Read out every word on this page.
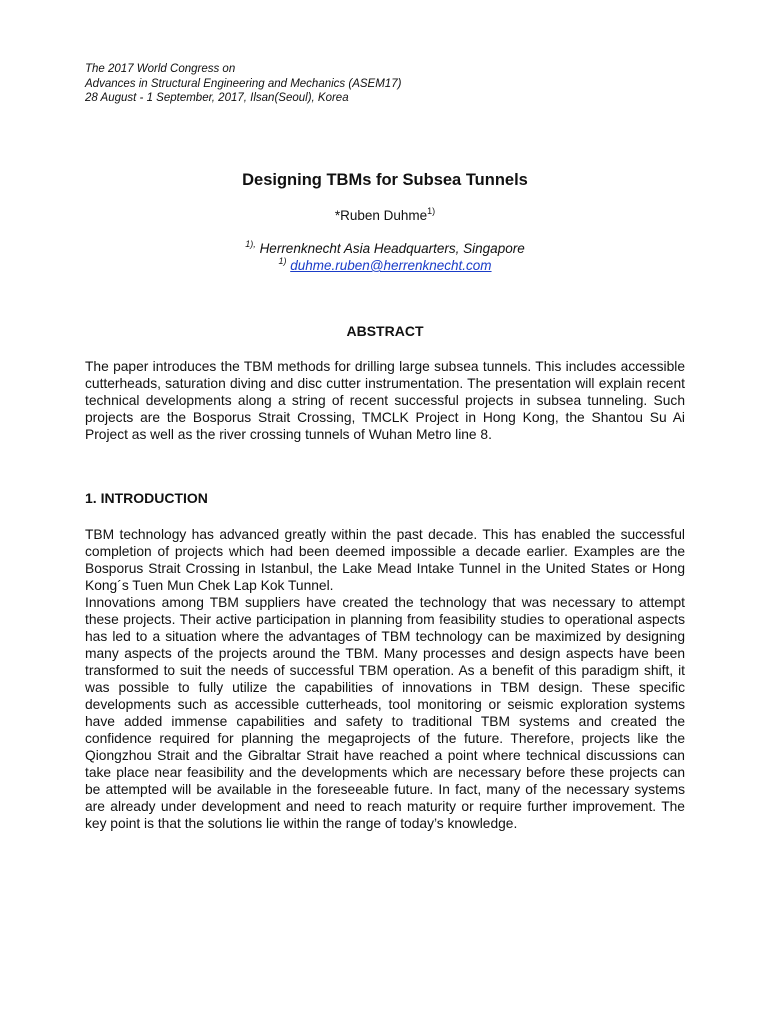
The 2017 World Congress on

Advances in Structural Engineering and Mechanics (ASEM17)

28 August - 1 September, 2017, Ilsan(Seoul), Korea

Designing TBMs for Subsea Tunnels
*Ruben Duhme$^{1)}$
$^{1),}$ Herrenknecht Asia Headquarters, Singapore
$^{1)}$ duhme.ruben@herrenknecht.com
ABSTRACT

The paper introduces the TBM methods for drilling large subsea tunnels. This includes accessible cutterheads, saturation diving and disc cutter instrumentation. The presentation will explain recent technical developments along a string of recent successful projects in subsea tunneling. Such projects are the Bosporus Strait Crossing, TMCLK Project in Hong Kong, the Shantou Su Ai Project as well as the river crossing tunnels of Wuhan Metro line 8.

1. INTRODUCTION

TBM technology has advanced greatly within the past decade. This has enabled the successful completion of projects which had been deemed impossible a decade earlier. Examples are the Bosporus Strait Crossing in Istanbul, the Lake Mead Intake Tunnel in the United States or Hong Kong´s Tuen Mun Chek Lap Kok Tunnel.

Innovations among TBM suppliers have created the technology that was necessary to attempt these projects. Their active participation in planning from feasibility studies to operational aspects has led to a situation where the advantages of TBM technology can be maximized by designing many aspects of the projects around the TBM. Many processes and design aspects have been transformed to suit the needs of successful TBM operation. As a benefit of this paradigm shift, it was possible to fully utilize the capabilities of innovations in TBM design. These specific developments such as accessible cutterheads, tool monitoring or seismic exploration systems have added immense capabilities and safety to traditional TBM systems and created the confidence required for planning the megaprojects of the future. Therefore, projects like the Qiongzhou Strait and the Gibraltar Strait have reached a point where technical discussions can take place near feasibility and the developments which are necessary before these projects can be attempted will be available in the foreseeable future. In fact, many of the necessary systems are already under development and need to reach maturity or require further improvement. The key point is that the solutions lie within the range of today’s knowledge.
